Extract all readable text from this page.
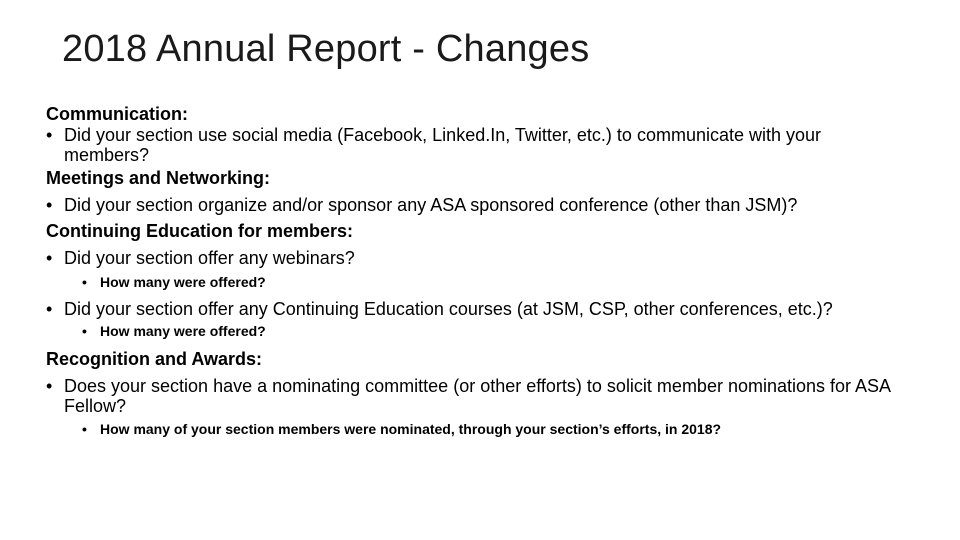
2018 Annual Report - Changes

Communication:

• Did your section use social media (Facebook, Linked.In, Twitter, etc.) to communicate with your members?

Meetings and Networking:

• Did your section organize and/or sponsor any ASA sponsored conference (other than JSM)?

Continuing Education for members:

• Did your section offer any webinars?
• How many were offered?
• Did your section offer any Continuing Education courses (at JSM, CSP, other conferences, etc.)?
• How many were offered?

Recognition and Awards:

• Does your section have a nominating committee (or other efforts) to solicit member nominations for ASA Fellow?
• How many of your section members were nominated, through your section’s efforts, in 2018?
